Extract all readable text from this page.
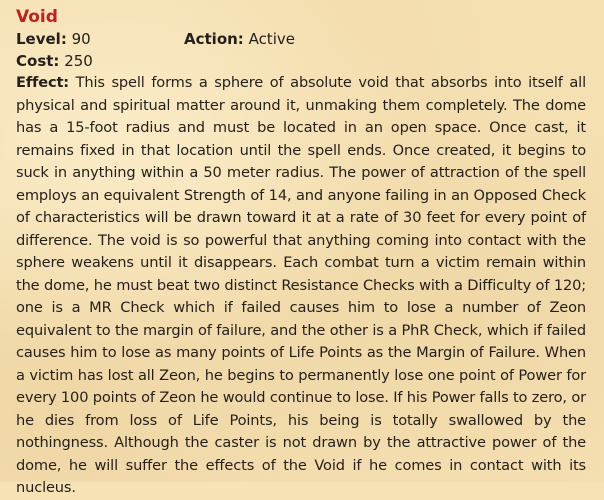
Void
Level: 90	Action: Active
Cost: 250

Effect: This spell forms a sphere of absolute void that absorbs into itself all physical and spiritual matter around it, unmaking them completely. The dome has a 15-foot radius and must be located in an open space. Once cast, it remains fixed in that location until the spell ends. Once created, it begins to suck in anything within a 50 meter radius. The power of attraction of the spell employs an equivalent Strength of 14, and anyone failing in an Opposed Check of characteristics will be drawn toward it at a rate of 30 feet for every point of difference. The void is so powerful that anything coming into contact with the sphere weakens until it disappears. Each combat turn a victim remain within the dome, he must beat two distinct Resistance Checks with a Difficulty of 120; one is a MR Check which if failed causes him to lose a number of Zeon equivalent to the margin of failure, and the other is a PhR Check, which if failed causes him to lose as many points of Life Points as the Margin of Failure. When a victim has lost all Zeon, he begins to permanently lose one point of Power for every 100 points of Zeon he would continue to lose. If his Power falls to zero, or he dies from loss of Life Points, his being is totally swallowed by the nothingness. Although the caster is not drawn by the attractive power of the dome, he will suffer the effects of the Void if he comes in contact with its nucleus.
